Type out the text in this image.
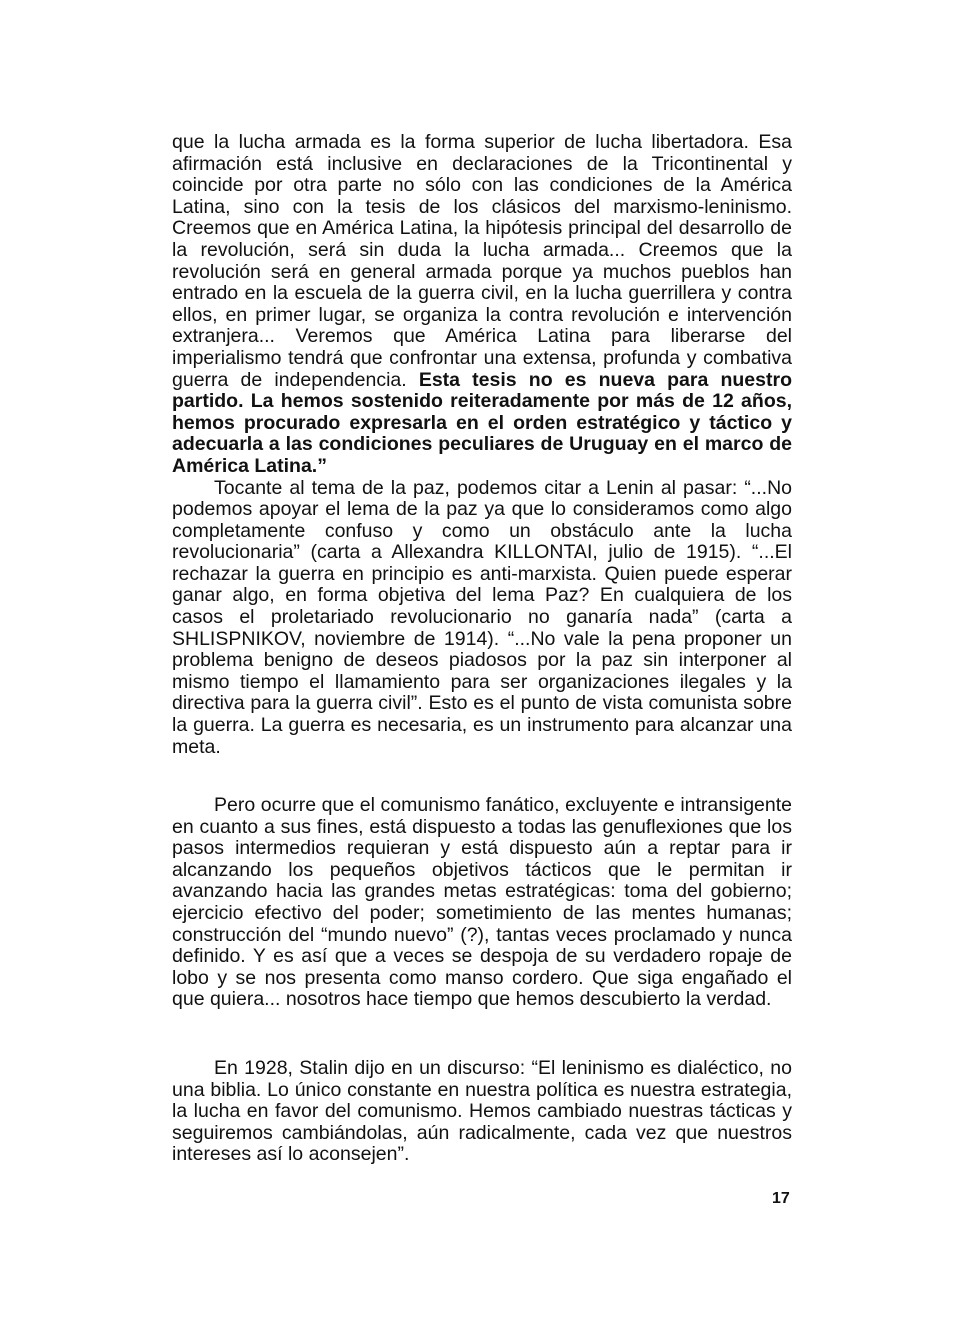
que la lucha armada es la forma superior de lucha libertadora. Esa afirmación está inclusive en declaraciones de la Tricontinental y coincide por otra parte no sólo con las condiciones de la América Latina, sino con la tesis de los clásicos del marxismo-leninismo. Creemos que en América Latina, la hipótesis principal del desarrollo de la revolución, será sin duda la lucha armada... Creemos que la revolución será en general armada porque ya muchos pueblos han entrado en la escuela de la guerra civil, en la lucha guerrillera y contra ellos, en primer lugar, se organiza la contra revolución e intervención extranjera... Veremos que América Latina para liberarse del imperialismo tendrá que confrontar una extensa, profunda y combativa guerra de independencia. Esta tesis no es nueva para nuestro partido. La hemos sostenido reiteradamente por más de 12 años, hemos procurado expresarla en el orden estratégico y táctico y adecuarla a las condiciones peculiares de Uruguay en el marco de América Latina.”

Tocante al tema de la paz, podemos citar a Lenin al pasar: “...No podemos apoyar el lema de la paz ya que lo consideramos como algo completamente confuso y como un obstáculo ante la lucha revolucionaria” (carta a Allexandra KILLONTAI, julio de 1915). “...El rechazar la guerra en principio es anti-marxista. Quien puede esperar ganar algo, en forma objetiva del lema Paz? En cualquiera de los casos el proletariado revolucionario no ganaría nada” (carta a SHLISPNIKOV, noviembre de 1914). “...No vale la pena proponer un problema benigno de deseos piadosos por la paz sin interponer al mismo tiempo el llamamiento para ser organizaciones ilegales y la directiva para la guerra civil”. Esto es el punto de vista comunista sobre la guerra. La guerra es necesaria, es un instrumento para alcanzar una meta.

Pero ocurre que el comunismo fanático, excluyente e intransigente en cuanto a sus fines, está dispuesto a todas las genuflexiones que los pasos intermedios requieran y está dispuesto aún a reptar para ir alcanzando los pequeños objetivos tácticos que le permitan ir avanzando hacia las grandes metas estratégicas: toma del gobierno; ejercicio efectivo del poder; sometimiento de las mentes humanas; construcción del “mundo nuevo” (?), tantas veces proclamado y nunca definido. Y es así que a veces se despoja de su verdadero ropaje de lobo y se nos presenta como manso cordero. Que siga engañado el que quiera... nosotros hace tiempo que hemos descubierto la verdad.

En 1928, Stalin dijo en un discurso: “El leninismo es dialéctico, no una biblia. Lo único constante en nuestra política es nuestra estrategia, la lucha en favor del comunismo. Hemos cambiado nuestras tácticas y seguiremos cambiándolas, aún radicalmente, cada vez que nuestros intereses así lo aconsejen”.

17
